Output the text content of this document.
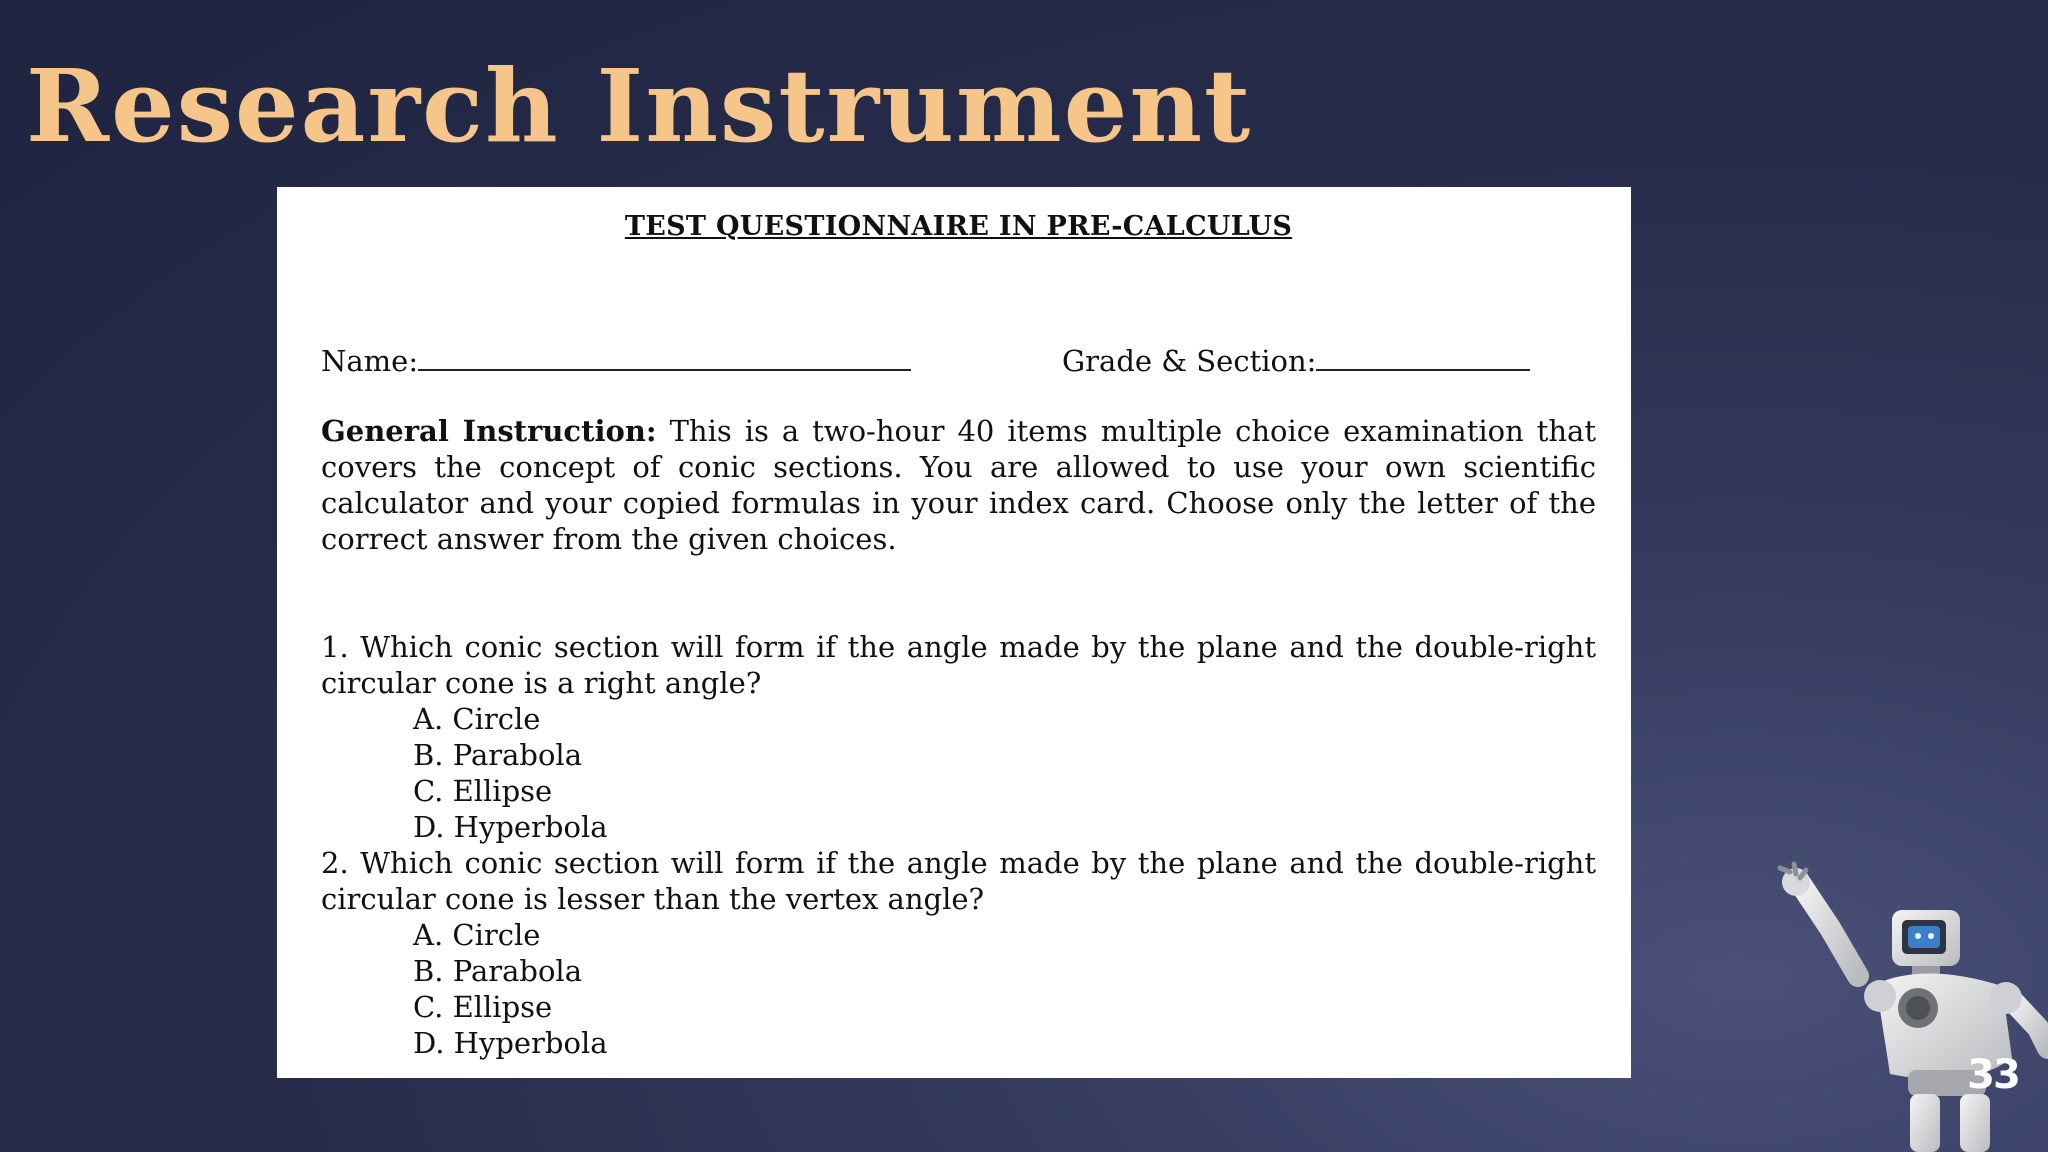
Research Instrument
TEST QUESTIONNAIRE IN PRE-CALCULUS
Name:	Grade & Section:
General Instruction: This is a two-hour 40 items multiple choice examination that covers the concept of conic sections. You are allowed to use your own scientific calculator and your copied formulas in your index card. Choose only the letter of the correct answer from the given choices.
1. Which conic section will form if the angle made by the plane and the double-right circular cone is a right angle?
A. Circle
B. Parabola
C. Ellipse
D. Hyperbola
2. Which conic section will form if the angle made by the plane and the double-right circular cone is lesser than the vertex angle?
A. Circle
B. Parabola
C. Ellipse
D. Hyperbola
33
